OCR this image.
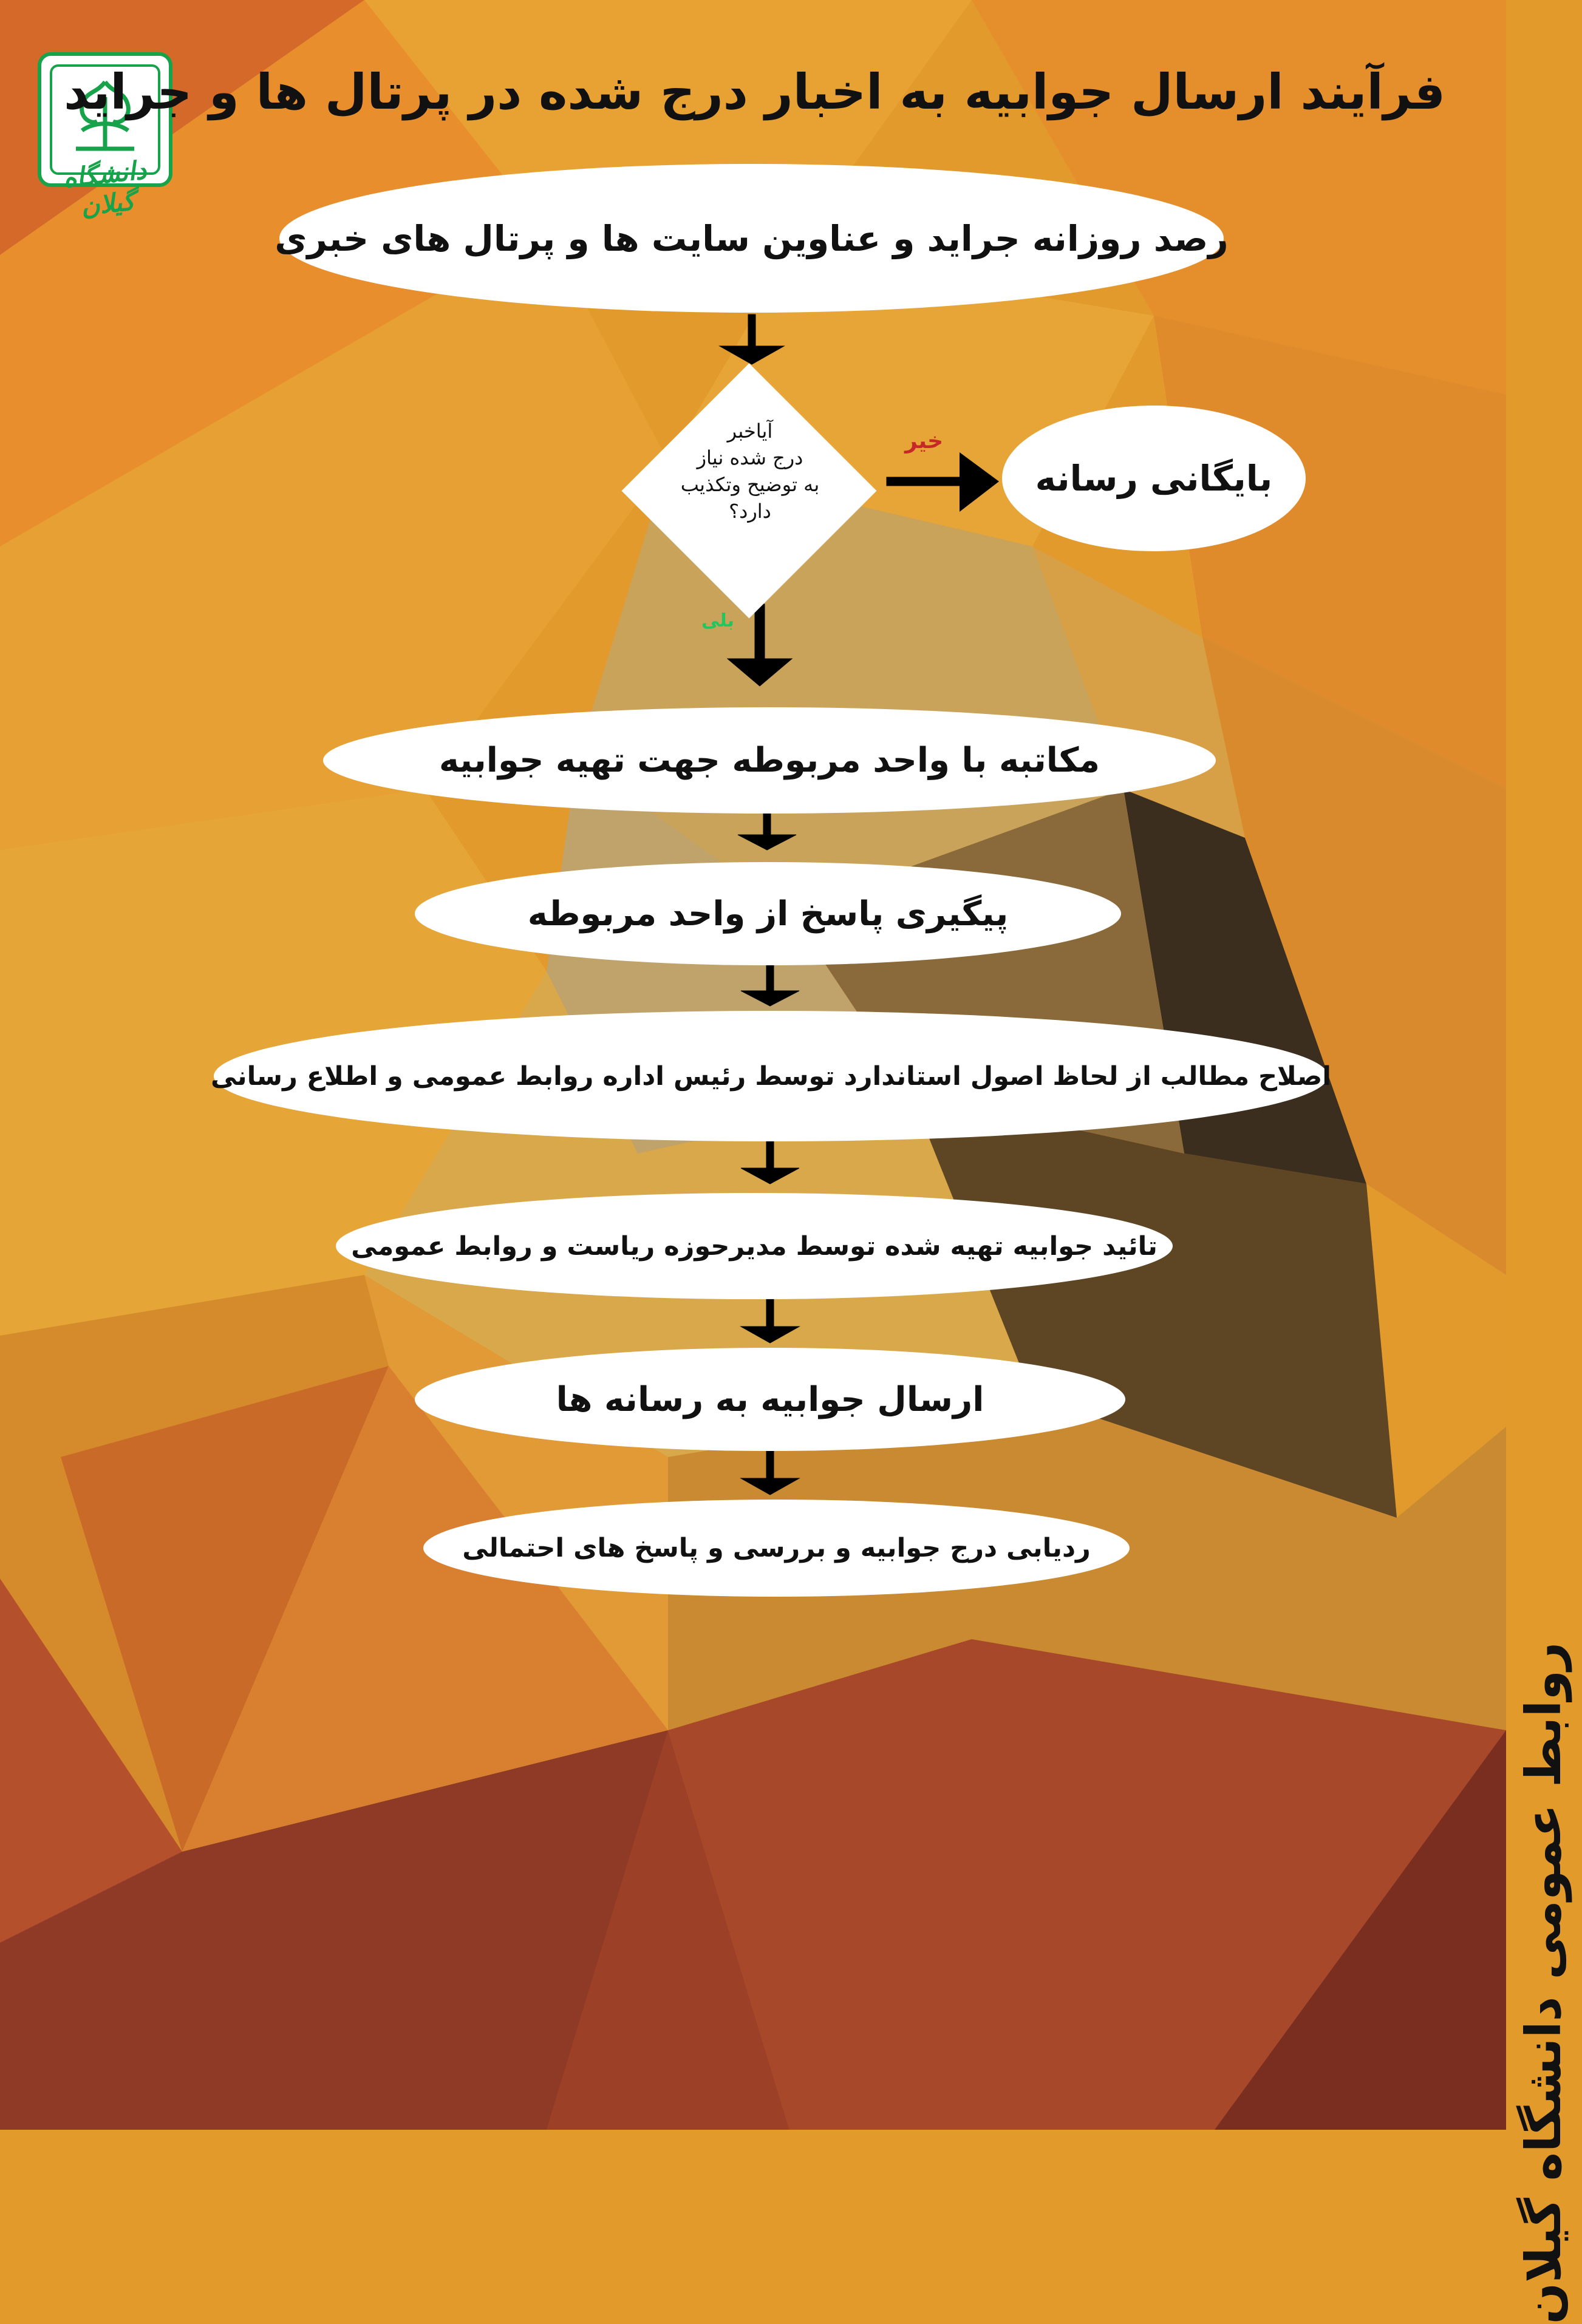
دانشگاه گیلان
فرآیند ارسال جوابیه به اخبار درج شده در پرتال ها و جراید
رصد روزانه جراید و عناوین سایت ها و پرتال های خبری
آیاخبر
درج شده نیاز
به توضیح وتکذیب
دارد؟
خیر
بلی
بایگانی رسانه
مکاتبه با واحد مربوطه جهت تهیه جوابیه
پیگیری پاسخ از واحد مربوطه
اصلاح مطالب از لحاظ اصول استاندارد توسط رئیس اداره روابط عمومی و اطلاع رسانی
تائید جوابیه تهیه شده توسط مدیرحوزه ریاست و روابط عمومی
ارسال جوابیه به رسانه ها
ردیابی درج جوابیه و بررسی و پاسخ های احتمالی
روابط عمومی دانشگاه گیلان
